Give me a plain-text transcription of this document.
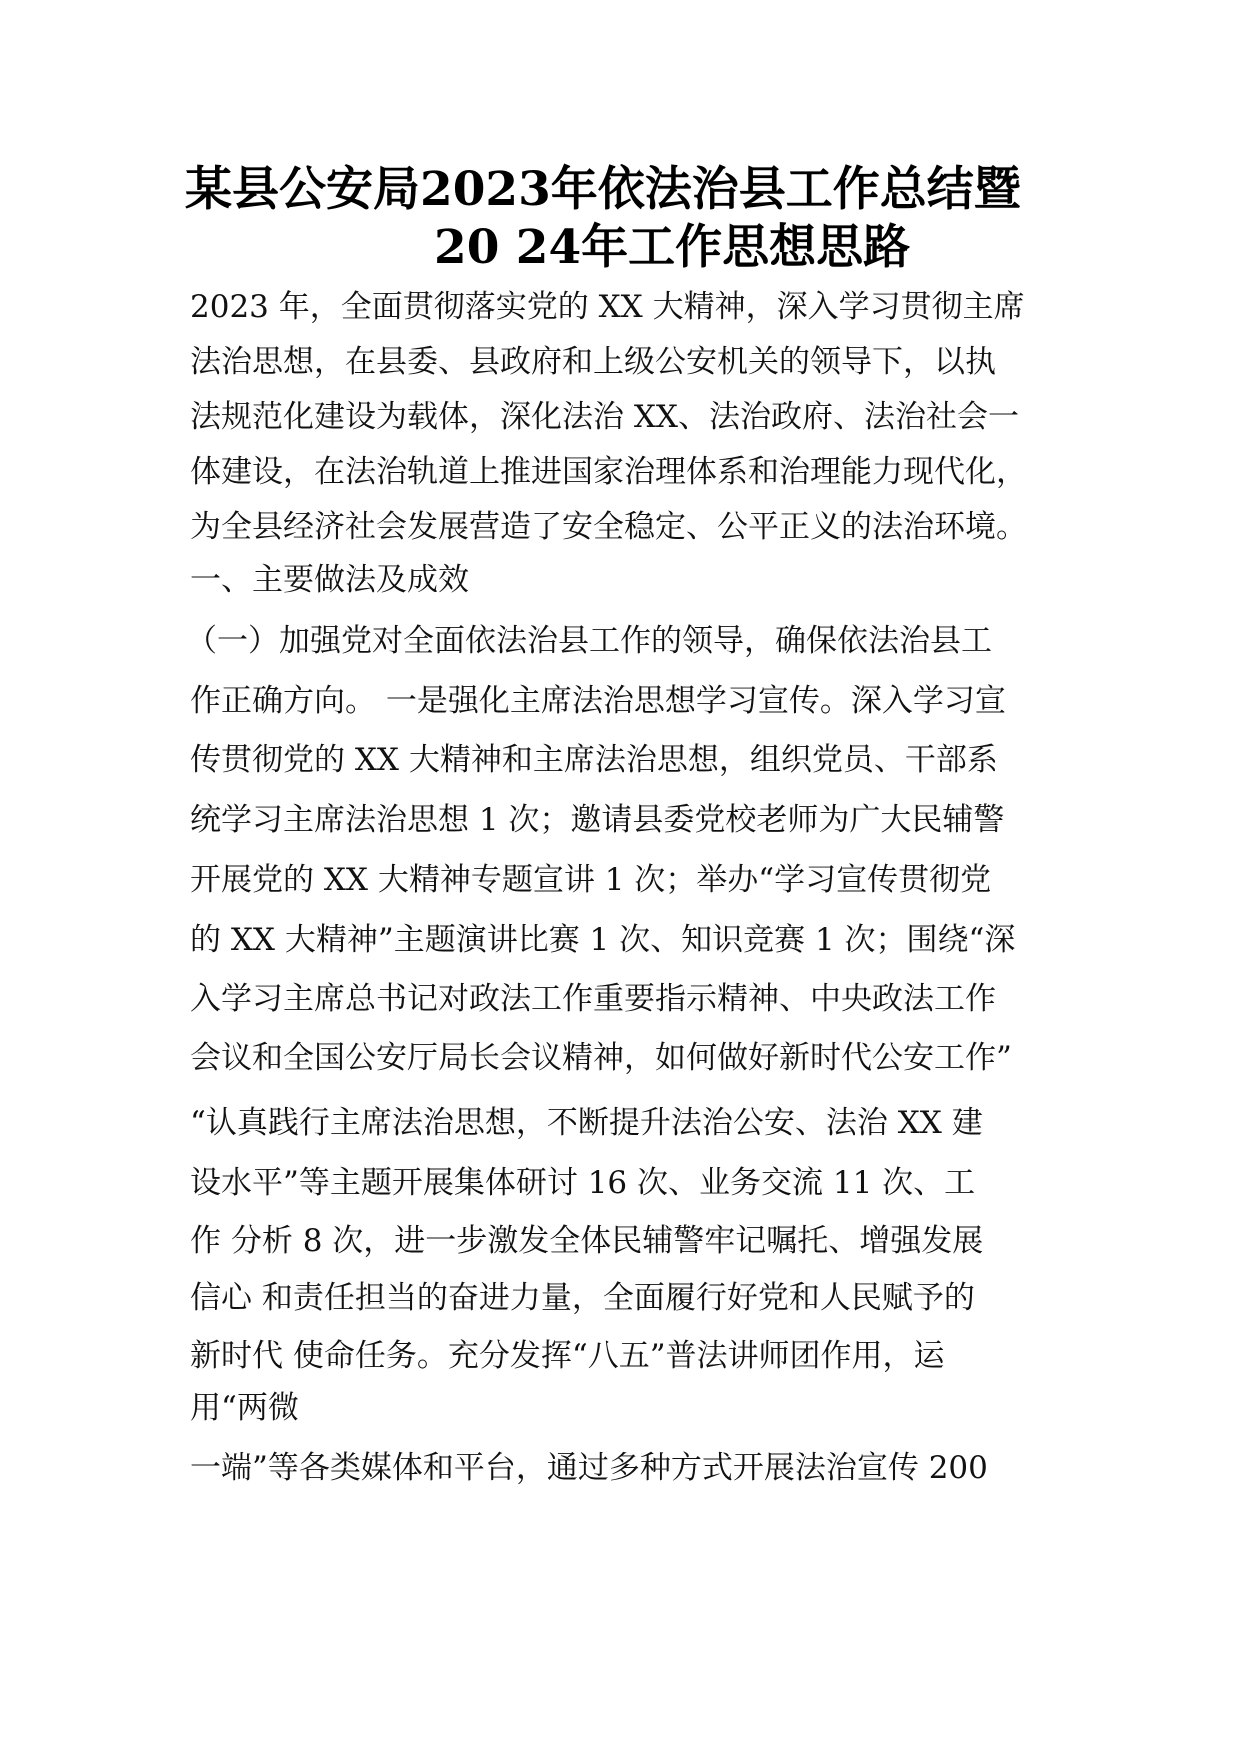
某县公安局2023年依法治县工作总结暨
20 24年工作思想思路
2023 年，全面贯彻落实党的 XX 大精神，深入学习贯彻主席
法治思想，在县委、县政府和上级公安机关的领导下，以执
法规范化建设为载体，深化法治 XX、法治政府、法治社会一
体建设，在法治轨道上推进国家治理体系和治理能力现代化，
为全县经济社会发展营造了安全稳定、公平正义的法治环境。
一、主要做法及成效
（一）加强党对全面依法治县工作的领导，确保依法治县工
作正确方向。 一是强化主席法治思想学习宣传。深入学习宣
传贯彻党的 XX 大精神和主席法治思想，组织党员、干部系
统学习主席法治思想 1 次；邀请县委党校老师为广大民辅警
开展党的 XX 大精神专题宣讲 1 次；举办“学习宣传贯彻党
的 XX 大精神”主题演讲比赛 1 次、知识竞赛 1 次；围绕“深
入学习主席总书记对政法工作重要指示精神、中央政法工作
会议和全国公安厅局长会议精神，如何做好新时代公安工作”
“认真践行主席法治思想，不断提升法治公安、法治 XX 建
设水平”等主题开展集体研讨 16 次、业务交流 11 次、工
作 分析 8 次，进一步激发全体民辅警牢记嘱托、增强发展
信心 和责任担当的奋进力量，全面履行好党和人民赋予的
新时代 使命任务。充分发挥“八五”普法讲师团作用，运
用“两微
一端”等各类媒体和平台，通过多种方式开展法治宣传 200
